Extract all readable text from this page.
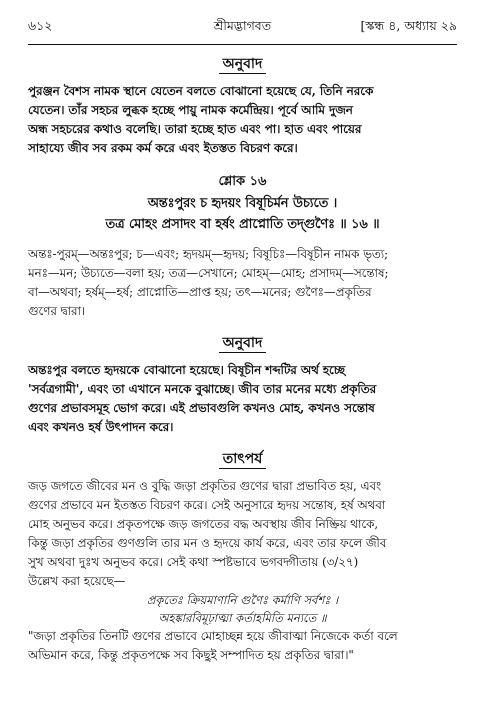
৬১২	শ্রীমদ্ভাগবত	[স্কন্ধ ৪, অধ্যায় ২৯
অনুবাদ

পুরঞ্জন বৈশস নামক স্থানে যেতেন বলতে বোঝানো হয়েছে যে, তিনি নরকে

যেতেন। তাঁর সহচর লুব্ধক হচ্ছে পায়ু নামক কর্মেন্দ্রিয়। পূর্বে আমি দুজন

অন্ধ সহচরের কথাও বলেছি। তারা হচ্ছে হাত এবং পা। হাত এবং পায়ের

সাহায্যে জীব সব রকম কর্ম করে এবং ইতস্তত বিচরণ করে।

শ্লোক ১৬

অন্তঃপুরং চ হৃদয়ং বিষূচির্মন উচ্যতে ।

তত্র মোহং প্রসাদং বা হর্ষং প্রাপ্নোতি তদ্গুণৈঃ ॥ ১৬ ॥

অন্তঃ-পুরম্—অন্তঃপুর; চ—এবং; হৃদয়ম্—হৃদয়; বিষূচিঃ—বিষূচীন নামক ভৃত্য;

মনঃ—মন; উচ্যতে—বলা হয়; তত্র—সেখানে; মোহম্—মোহ; প্রসাদম্—সন্তোষ;

বা—অথবা; হর্ষম্—হর্ষ; প্রাপ্নোতি—প্রাপ্ত হয়; তৎ—মনের; গুণৈঃ—প্রকৃতির

গুণের দ্বারা।

অনুবাদ

অন্তঃপুর বলতে হৃদয়কে বোঝানো হয়েছে। বিষূচীন শব্দটির অর্থ হচ্ছে

'সর্বত্রগামী', এবং তা এখানে মনকে বুঝাচ্ছে। জীব তার মনের মধ্যে প্রকৃতির

গুণের প্রভাবসমূহ ভোগ করে। এই প্রভাবগুলি কখনও মোহ, কখনও সন্তোষ

এবং কখনও হর্ষ উৎপাদন করে।

তাৎপর্য

জড় জগতে জীবের মন ও বুদ্ধি জড়া প্রকৃতির গুণের দ্বারা প্রভাবিত হয়, এবং

গুণের প্রভাবে মন ইতস্তত বিচরণ করে। সেই অনুসারে হৃদয় সন্তোষ, হর্ষ অথবা

মোহ অনুভব করে। প্রকৃতপক্ষে জড় জগতের বদ্ধ অবস্থায় জীব নিষ্ক্রিয় থাকে,

কিন্তু জড়া প্রকৃতির গুণগুলি তার মন ও হৃদয়ে কার্য করে, এবং তার ফলে জীব

সুখ অথবা দুঃখ অনুভব করে। সেই কথা স্পষ্টভাবে ভগবদ্গীতায় (৩/২৭)

উল্লেখ করা হয়েছে—

প্রকৃতেঃ ক্রিয়মাণানি গুণৈঃ কর্মাণি সর্বশঃ ।

অহঙ্কারবিমূঢ়াত্মা কর্তাহমিতি মন্যতে ॥

"জড়া প্রকৃতির তিনটি গুণের প্রভাবে মোহাচ্ছন্ন হয়ে জীবাত্মা নিজেকে কর্তা বলে

অভিমান করে, কিন্তু প্রকৃতপক্ষে সব কিছুই সম্পাদিত হয় প্রকৃতির দ্বারা।"
